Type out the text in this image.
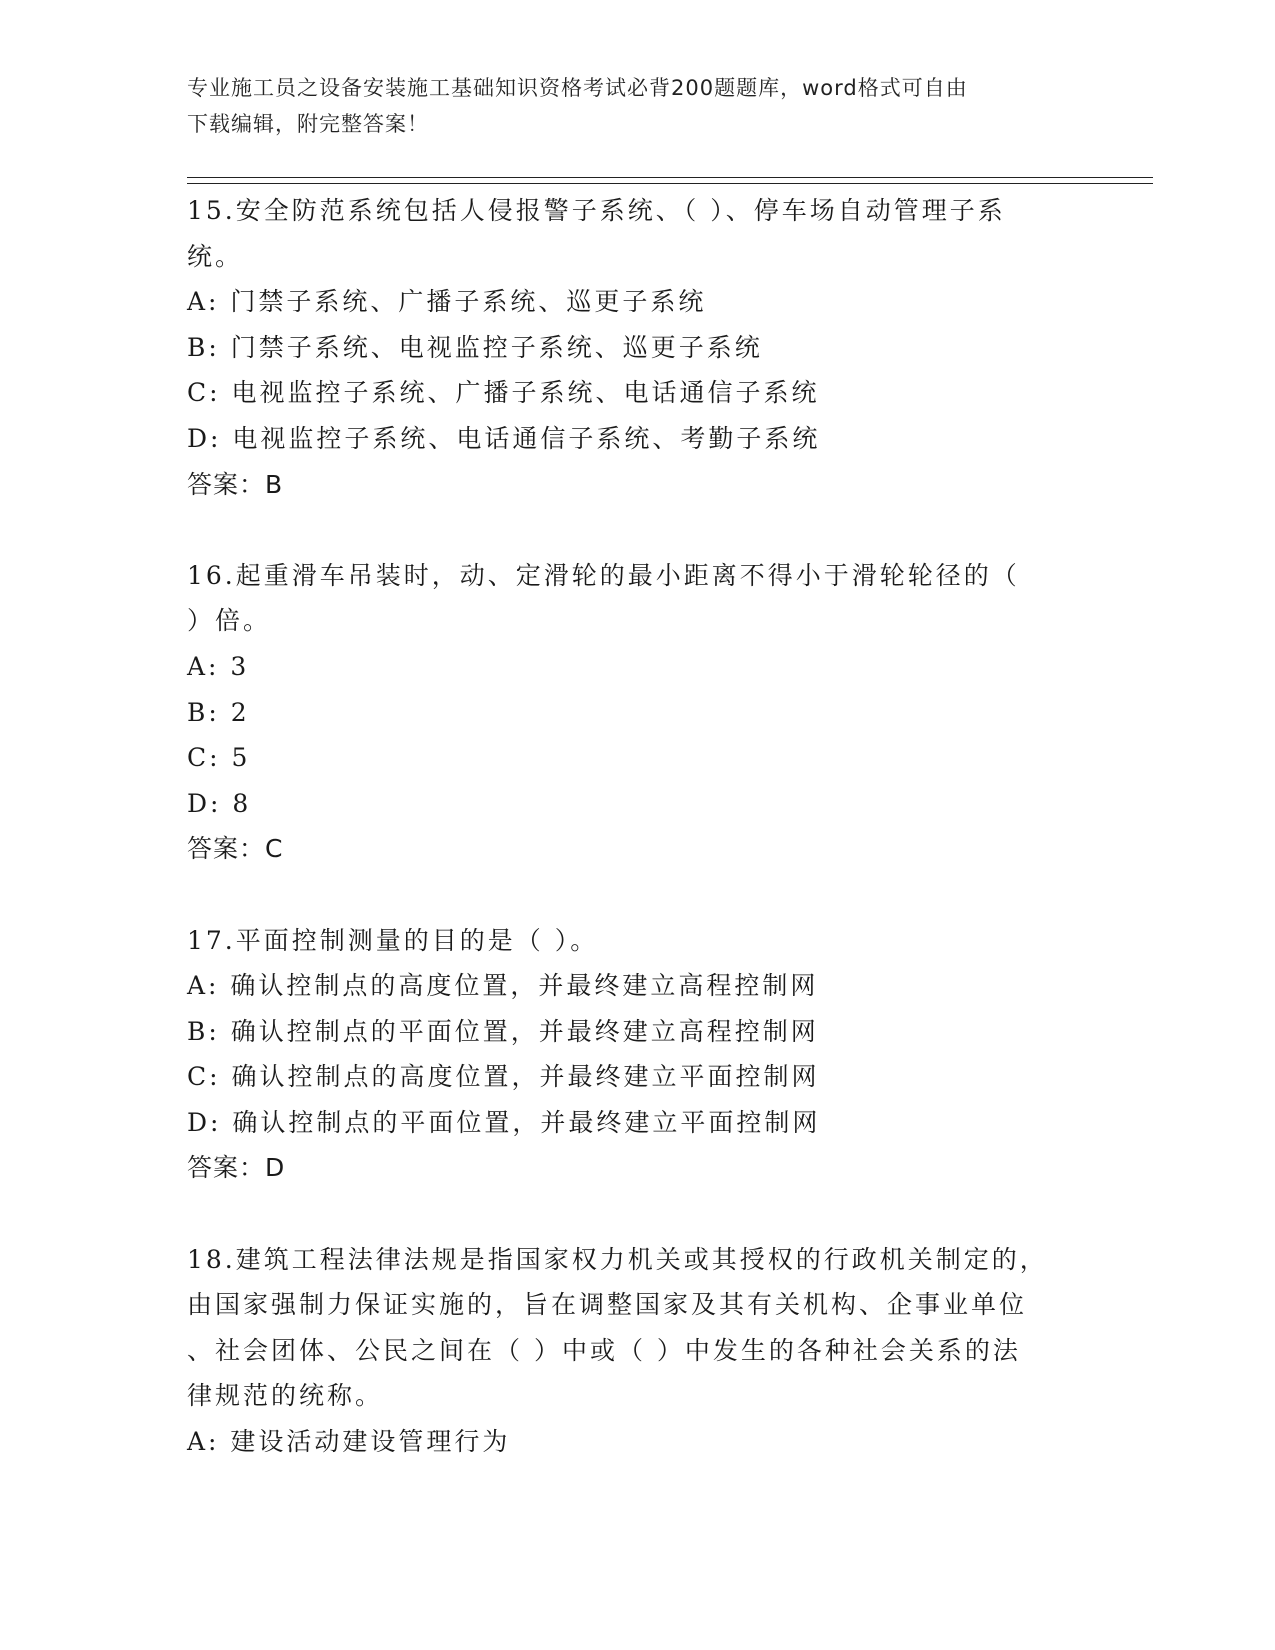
专业施工员之设备安装施工基础知识资格考试必背200题题库，word格式可自由
下载编辑，附完整答案！

15.安全防范系统包括人侵报警子系统、（ ）、停车场自动管理子系

统。

A: 门禁子系统、广播子系统、巡更子系统

B: 门禁子系统、电视监控子系统、巡更子系统

C: 电视监控子系统、广播子系统、电话通信子系统

D: 电视监控子系统、电话通信子系统、考勤子系统

答案：B

16.起重滑车吊装时，动、定滑轮的最小距离不得小于滑轮轮径的（

）倍。

A: 3

B: 2

C: 5

D: 8

答案：C

17.平面控制测量的目的是（ ）。

A: 确认控制点的高度位置，并最终建立高程控制网

B: 确认控制点的平面位置，并最终建立高程控制网

C: 确认控制点的高度位置，并最终建立平面控制网

D: 确认控制点的平面位置，并最终建立平面控制网

答案：D

18.建筑工程法律法规是指国家权力机关或其授权的行政机关制定的，

由国家强制力保证实施的，旨在调整国家及其有关机构、企事业单位

、社会团体、公民之间在（ ）中或（ ）中发生的各种社会关系的法

律规范的统称。

A: 建设活动建设管理行为
